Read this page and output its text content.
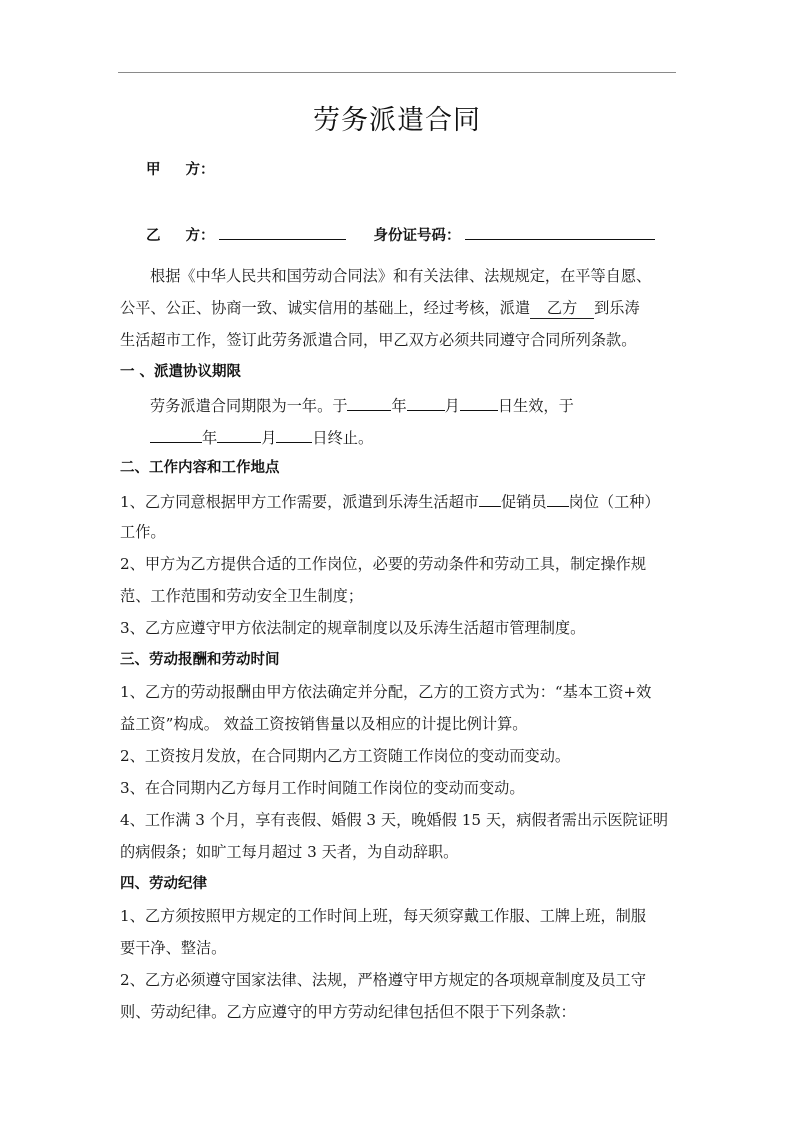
劳务派遣合同
甲 方：
乙 方：	身份证号码：
根据《中华人民共和国劳动合同法》和有关法律、法规规定，在平等自愿、
公平、公正、协商一致、诚实信用的基础上，经过考核，派遣 乙方 到乐涛
生活超市工作，签订此劳务派遣合同，甲乙双方必须共同遵守合同所列条款。
一 、派遣协议期限
劳务派遣合同期限为一年。于	年	月	日生效，于
年	月 日终止。
二、工作内容和工作地点
1、乙方同意根据甲方工作需要，派遣到乐涛生活超市 促销员 岗位（工种）
工作。
2、甲方为乙方提供合适的工作岗位，必要的劳动条件和劳动工具，制定操作规
范、工作范围和劳动安全卫生制度；
3、乙方应遵守甲方依法制定的规章制度以及乐涛生活超市管理制度。
三、劳动报酬和劳动时间
1、乙方的劳动报酬由甲方依法确定并分配，乙方的工资方式为：“基本工资+效
益工资”构成。 效益工资按销售量以及相应的计提比例计算。
2、工资按月发放，在合同期内乙方工资随工作岗位的变动而变动。
3、在合同期内乙方每月工作时间随工作岗位的变动而变动。
4、工作满 3 个月，享有丧假、婚假 3 天，晚婚假 15 天，病假者需出示医院证明
的病假条；如旷工每月超过 3 天者，为自动辞职。
四、劳动纪律
1、乙方须按照甲方规定的工作时间上班，每天须穿戴工作服、工牌上班，制服
要干净、整洁。
2、乙方必须遵守国家法律、法规，严格遵守甲方规定的各项规章制度及员工守
则、劳动纪律。乙方应遵守的甲方劳动纪律包括但不限于下列条款：
